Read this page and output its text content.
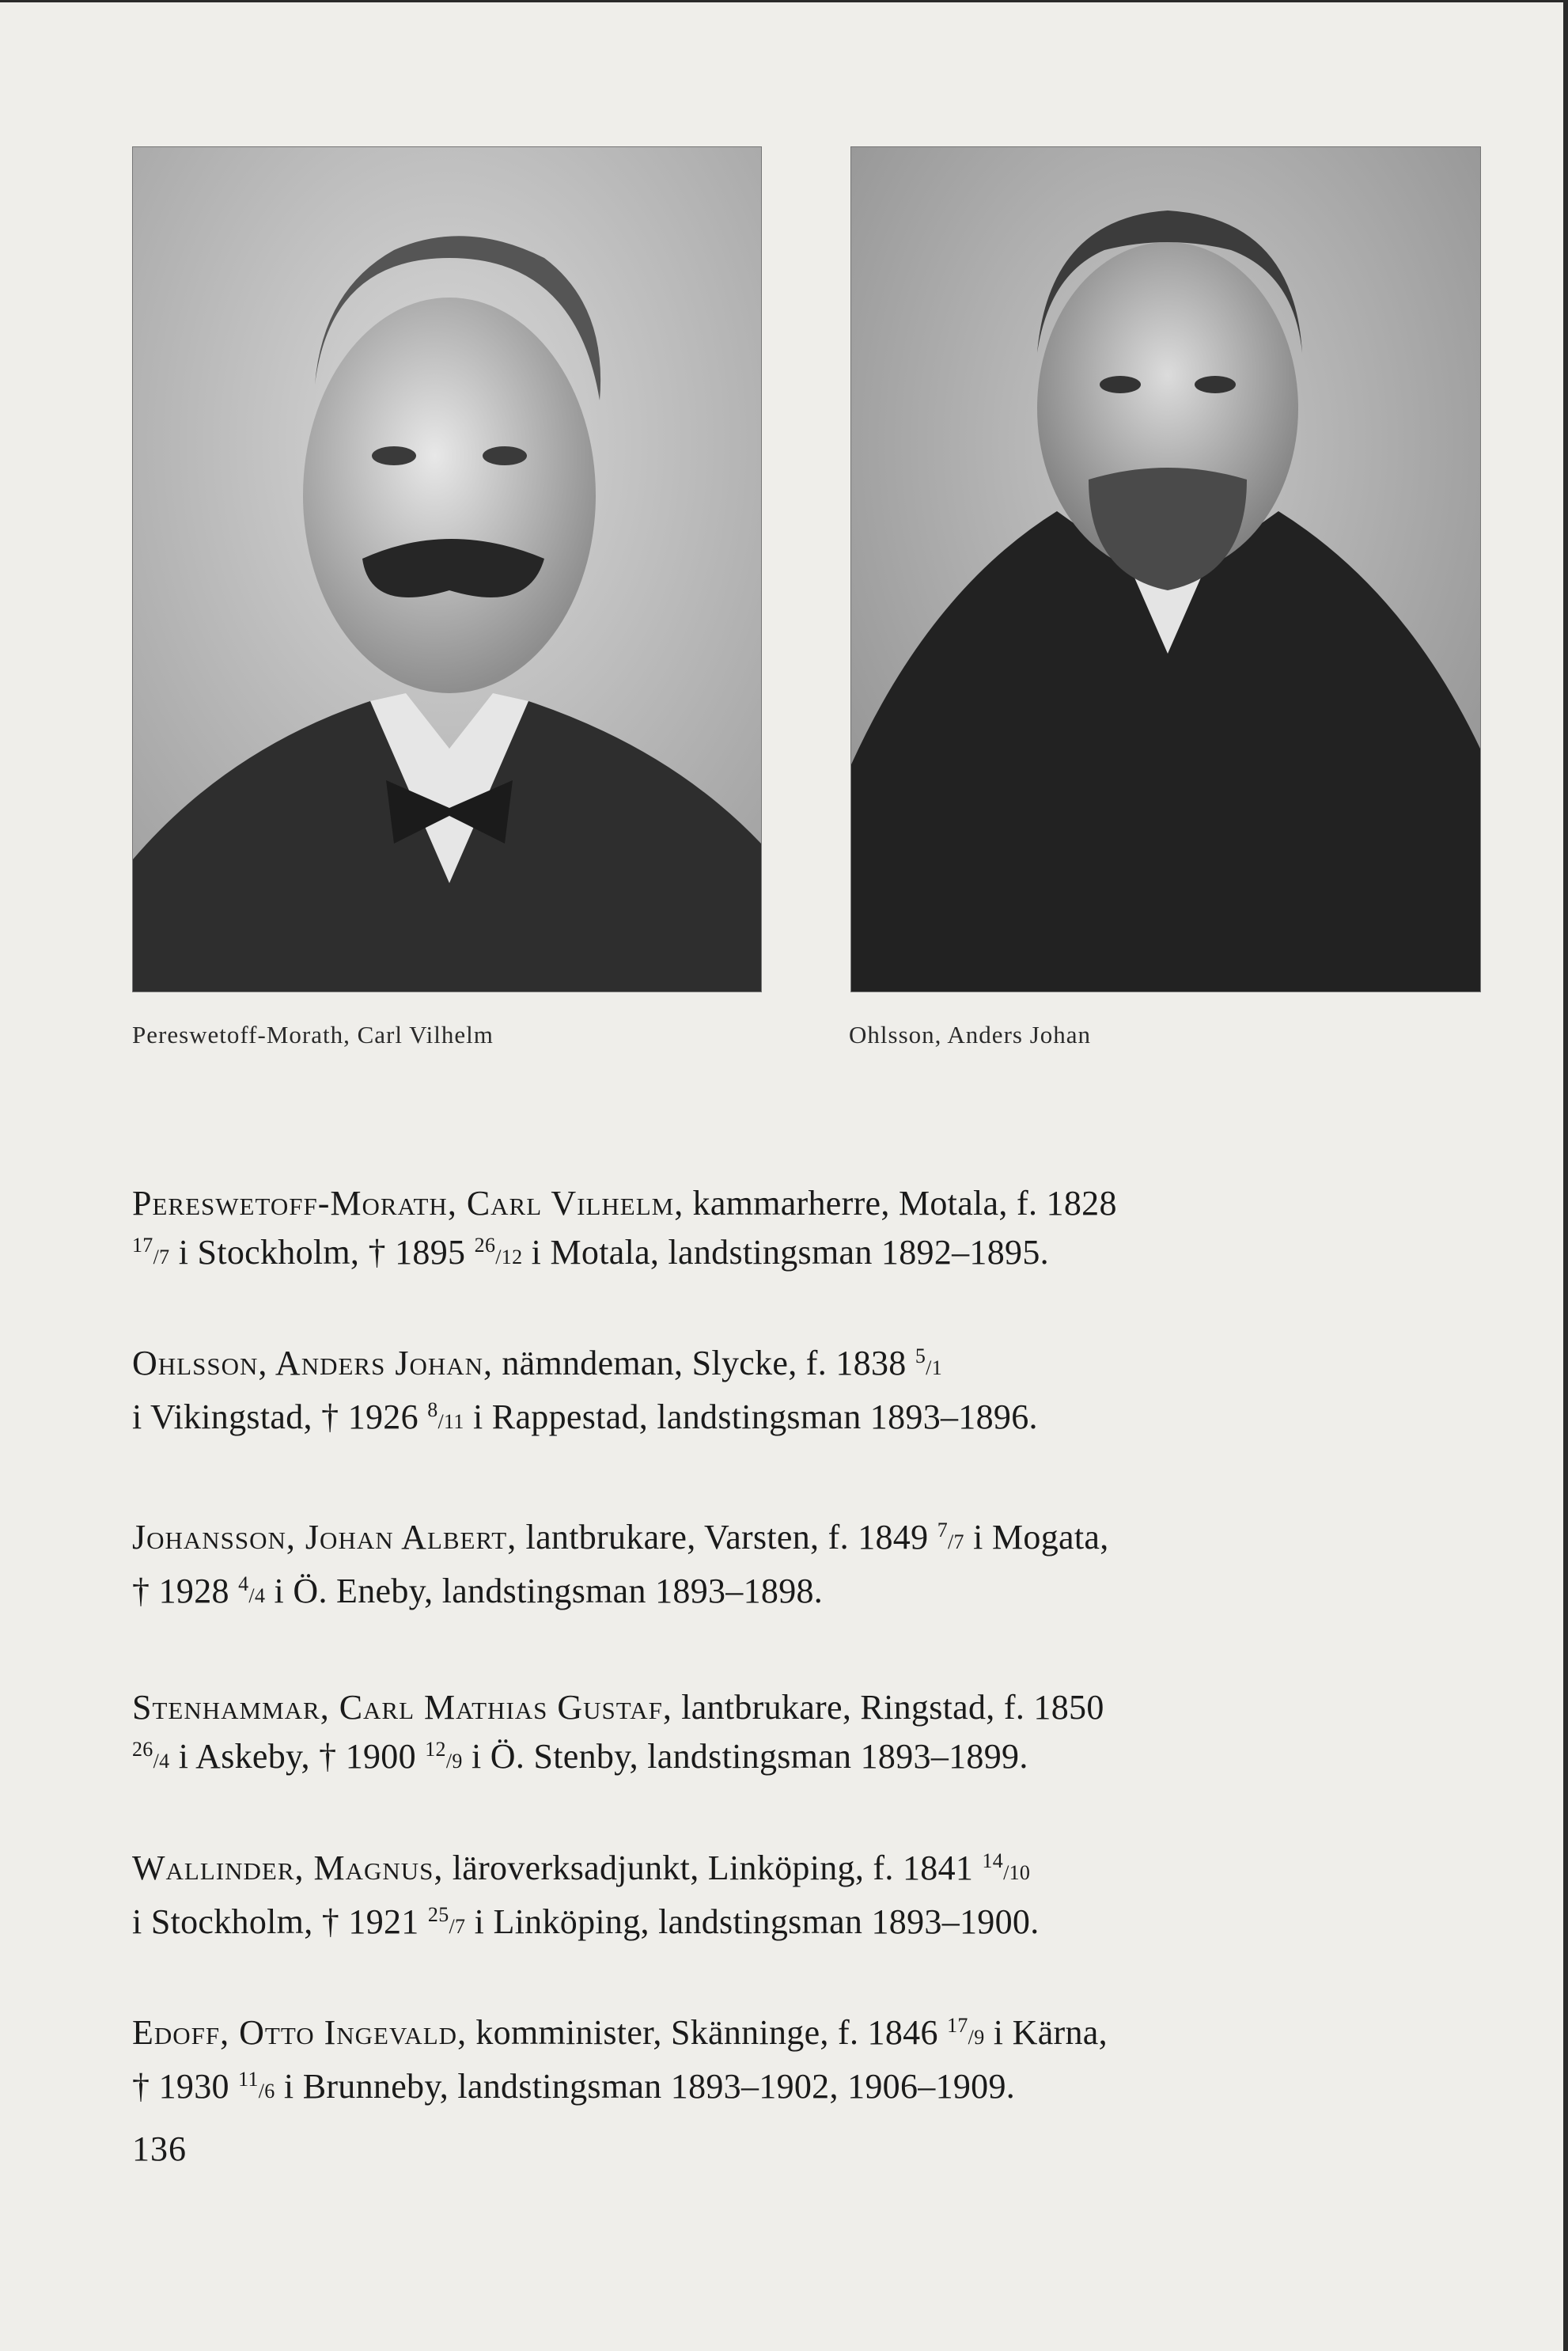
Pereswetoff-Morath, Carl Vilhelm	Ohlsson, Anders Johan
Pereswetoff-Morath, Carl Vilhelm, kammarherre, Motala, f. 1828
$^{17}$/7 i Stockholm, † 1895 $^{26}$/12 i Motala, landstingsman 1892–1895.
Ohlsson, Anders Johan, nämndeman, Slycke, f. 1838 $^5$/1
i Vikingstad, † 1926 $^8$/11 i Rappestad, landstingsman 1893–1896.
Johansson, Johan Albert, lantbrukare, Varsten, f. 1849 $^7$/7 i Mogata,
† 1928 $^4$/4 i Ö. Eneby, landstingsman 1893–1898.
Stenhammar, Carl Mathias Gustaf, lantbrukare, Ringstad, f. 1850
$^{26}$/4 i Askeby, † 1900 $^{12}$/9 i Ö. Stenby, landstingsman 1893–1899.
Wallinder, Magnus, läroverksadjunkt, Linköping, f. 1841 $^{14}$/10
i Stockholm, † 1921 $^{25}$/7 i Linköping, landstingsman 1893–1900.
Edoff, Otto Ingevald, komminister, Skänninge, f. 1846 $^{17}$/9 i Kärna,
† 1930 $^{11}$/6 i Brunneby, landstingsman 1893–1902, 1906–1909.
136
